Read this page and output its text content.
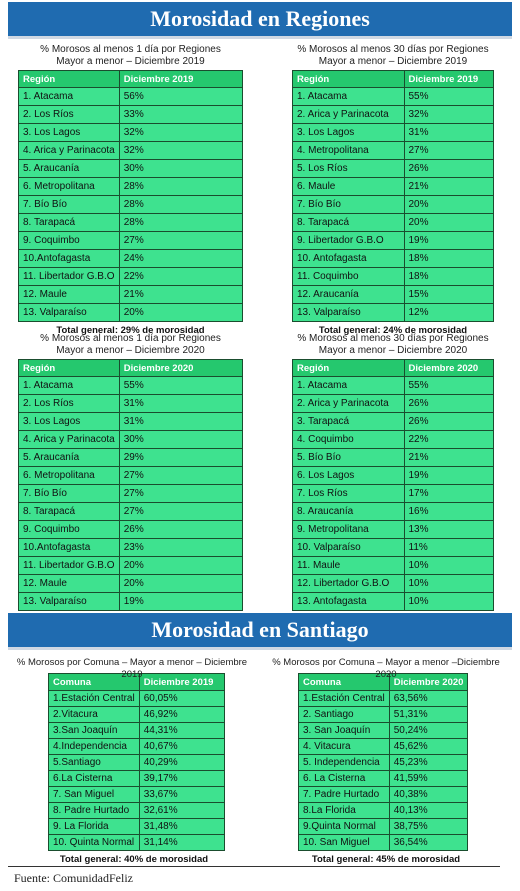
Morosidad en Regiones
% Morosos al menos 1 día por Regiones
Mayor a menor – Diciembre 2019
Región	Diciembre 2019
1. Atacama	56%
2. Los Ríos	33%
3. Los Lagos	32%
4. Arica y Parinacota	32%
5. Araucanía	30%
6. Metropolitana	28%
7. Bío Bío	28%
8. Tarapacá	28%
9. Coquimbo	27%
10.Antofagasta	24%
11. Libertador G.B.O	22%
12. Maule	21%
13. Valparaíso	20%
Total general: 29% de morosidad
% Morosos al menos 30 días por Regiones
Mayor a menor – Diciembre 2019
Región	Diciembre 2019
1. Atacama	55%
2. Arica y Parinacota	32%
3. Los Lagos	31%
4. Metropolitana	27%
5. Los Ríos	26%
6. Maule	21%
7. Bío Bío	20%
8. Tarapacá	20%
9. Libertador G.B.O	19%
10. Antofagasta	18%
11. Coquimbo	18%
12. Araucanía	15%
13. Valparaíso	12%
Total general: 24% de morosidad
% Morosos al menos 1 día por Regiones
Mayor a menor – Diciembre 2020
Región	Diciembre 2020
1. Atacama	55%
2. Los Ríos	31%
3. Los Lagos	31%
4. Arica y Parinacota	30%
5. Araucanía	29%
6. Metropolitana	27%
7. Bío Bío	27%
8. Tarapacá	27%
9. Coquimbo	26%
10.Antofagasta	23%
11. Libertador G.B.O	20%
12. Maule	20%
13. Valparaíso	19%
% Morosos al menos 30 días por Regiones
Mayor a menor – Diciembre 2020
Región	Diciembre 2020
1. Atacama	55%
2. Arica y Parinacota	26%
3. Tarapacá	26%
4. Coquimbo	22%
5. Bío Bío	21%
6. Los Lagos	19%
7. Los Ríos	17%
8. Araucanía	16%
9. Metropolitana	13%
10. Valparaíso	11%
11. Maule	10%
12. Libertador G.B.O	10%
13. Antofagasta	10%
Morosidad en Santiago
% Morosos por Comuna – Mayor a menor – Diciembre 2019
Comuna	Diciembre 2019
1.Estación Central	60,05%
2.Vitacura	46,92%
3.San Joaquín	44,31%
4.Independencia	40,67%
5.Santiago	40,29%
6.La Cisterna	39,17%
7. San Miguel	33,67%
8. Padre Hurtado	32,61%
9. La Florida	31,48%
10. Quinta Normal	31,14%
Total general: 40% de morosidad
% Morosos por Comuna – Mayor a menor –Diciembre 2020
Comuna	Diciembre 2020
1.Estación Central	63,56%
2. Santiago	51,31%
3. San Joaquín	50,24%
4. Vitacura	45,62%
5. Independencia	45,23%
6. La Cisterna	41,59%
7. Padre Hurtado	40,38%
8.La Florida	40,13%
9.Quinta Normal	38,75%
10. San Miguel	36,54%
Total general: 45% de morosidad
Fuente: ComunidadFeliz
